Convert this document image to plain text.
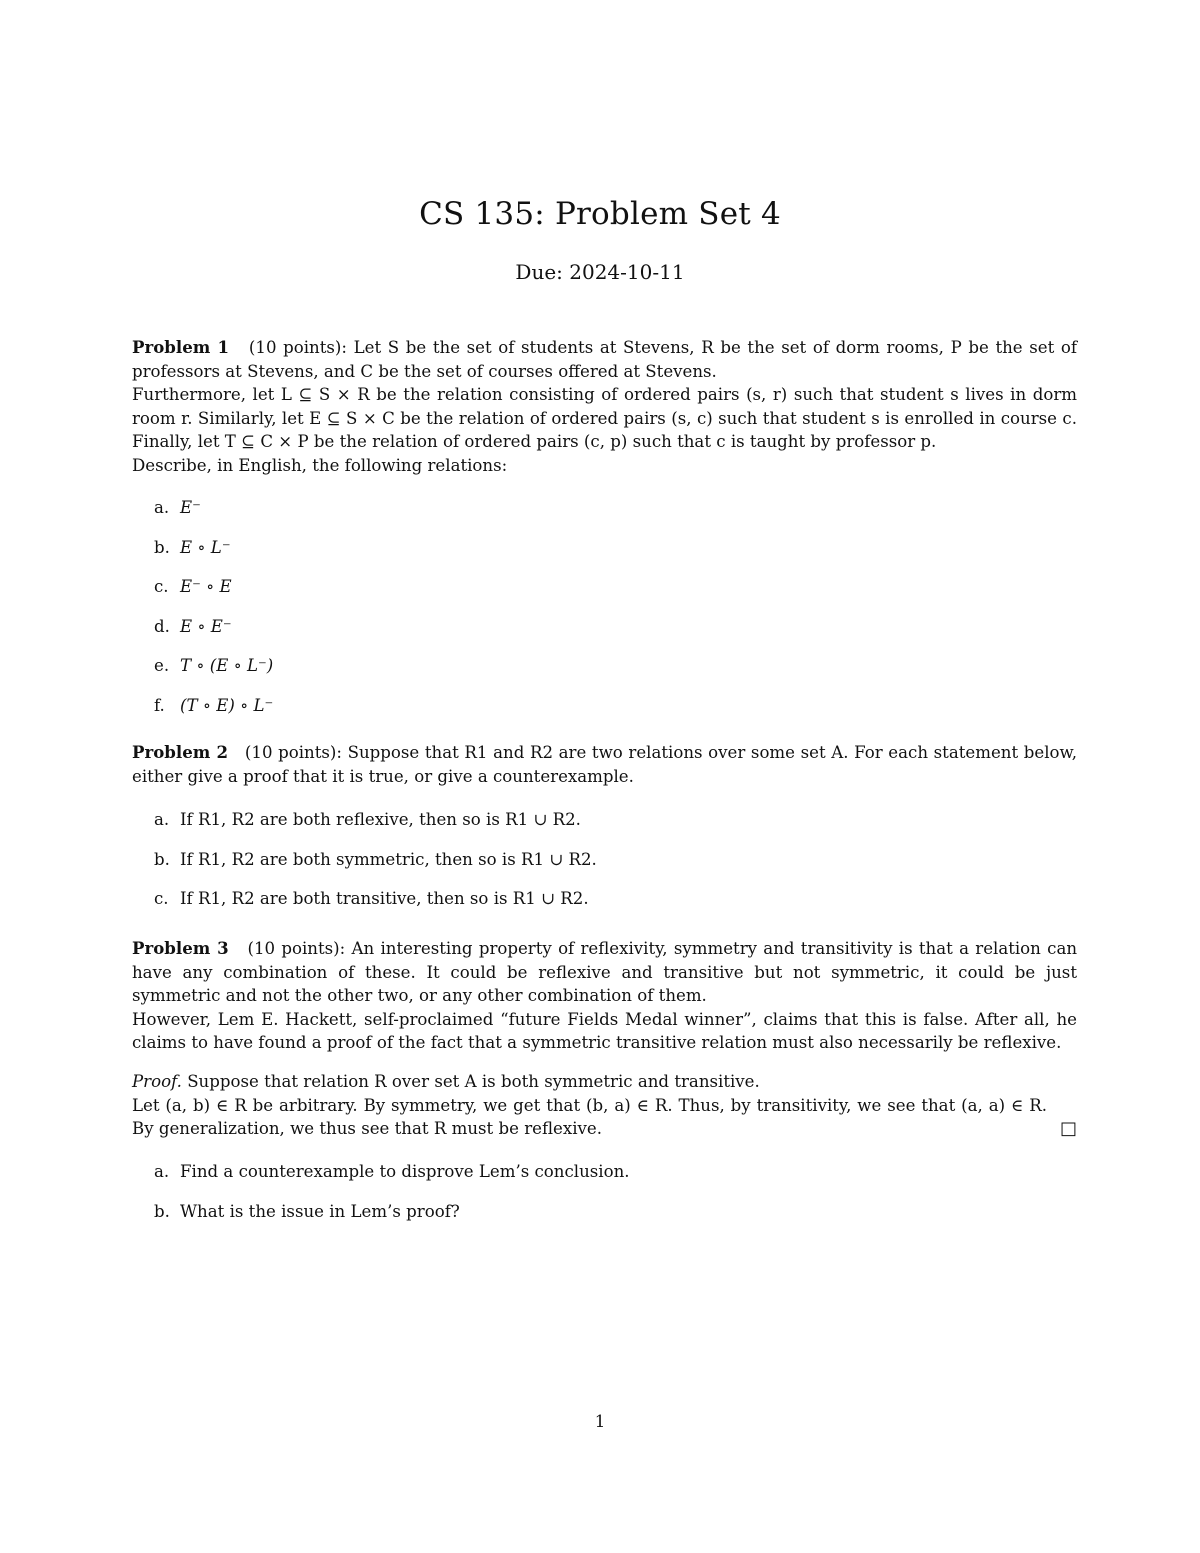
CS 135: Problem Set 4
Due: 2024-10-11

Problem 1 (10 points): Let S be the set of students at Stevens, R be the set of dorm rooms, P be the set of professors at Stevens, and C be the set of courses offered at Stevens.

Furthermore, let L ⊆ S × R be the relation consisting of ordered pairs (s, r) such that student s lives in dorm room r. Similarly, let E ⊆ S × C be the relation of ordered pairs (s, c) such that student s is enrolled in course c. Finally, let T ⊆ C × P be the relation of ordered pairs (c, p) such that c is taught by professor p.

Describe, in English, the following relations:

a. E⁻
b. E ∘ L⁻
c. E⁻ ∘ E
d. E ∘ E⁻
e. T ∘ (E ∘ L⁻)
f. (T ∘ E) ∘ L⁻

Problem 2 (10 points): Suppose that R1 and R2 are two relations over some set A. For each statement below, either give a proof that it is true, or give a counterexample.

a. If R1, R2 are both reflexive, then so is R1 ∪ R2.
b. If R1, R2 are both symmetric, then so is R1 ∪ R2.
c. If R1, R2 are both transitive, then so is R1 ∪ R2.

Problem 3 (10 points): An interesting property of reflexivity, symmetry and transitivity is that a relation can have any combination of these. It could be reflexive and transitive but not symmetric, it could be just symmetric and not the other two, or any other combination of them.

However, Lem E. Hackett, self-proclaimed “future Fields Medal winner”, claims that this is false. After all, he claims to have found a proof of the fact that a symmetric transitive relation must also necessarily be reflexive.

Proof. Suppose that relation R over set A is both symmetric and transitive.

Let (a, b) ∈ R be arbitrary. By symmetry, we get that (b, a) ∈ R. Thus, by transitivity, we see that (a, a) ∈ R. By generalization, we thus see that R must be reflexive.	□
a. Find a counterexample to disprove Lem’s conclusion.
b. What is the issue in Lem’s proof?
1
